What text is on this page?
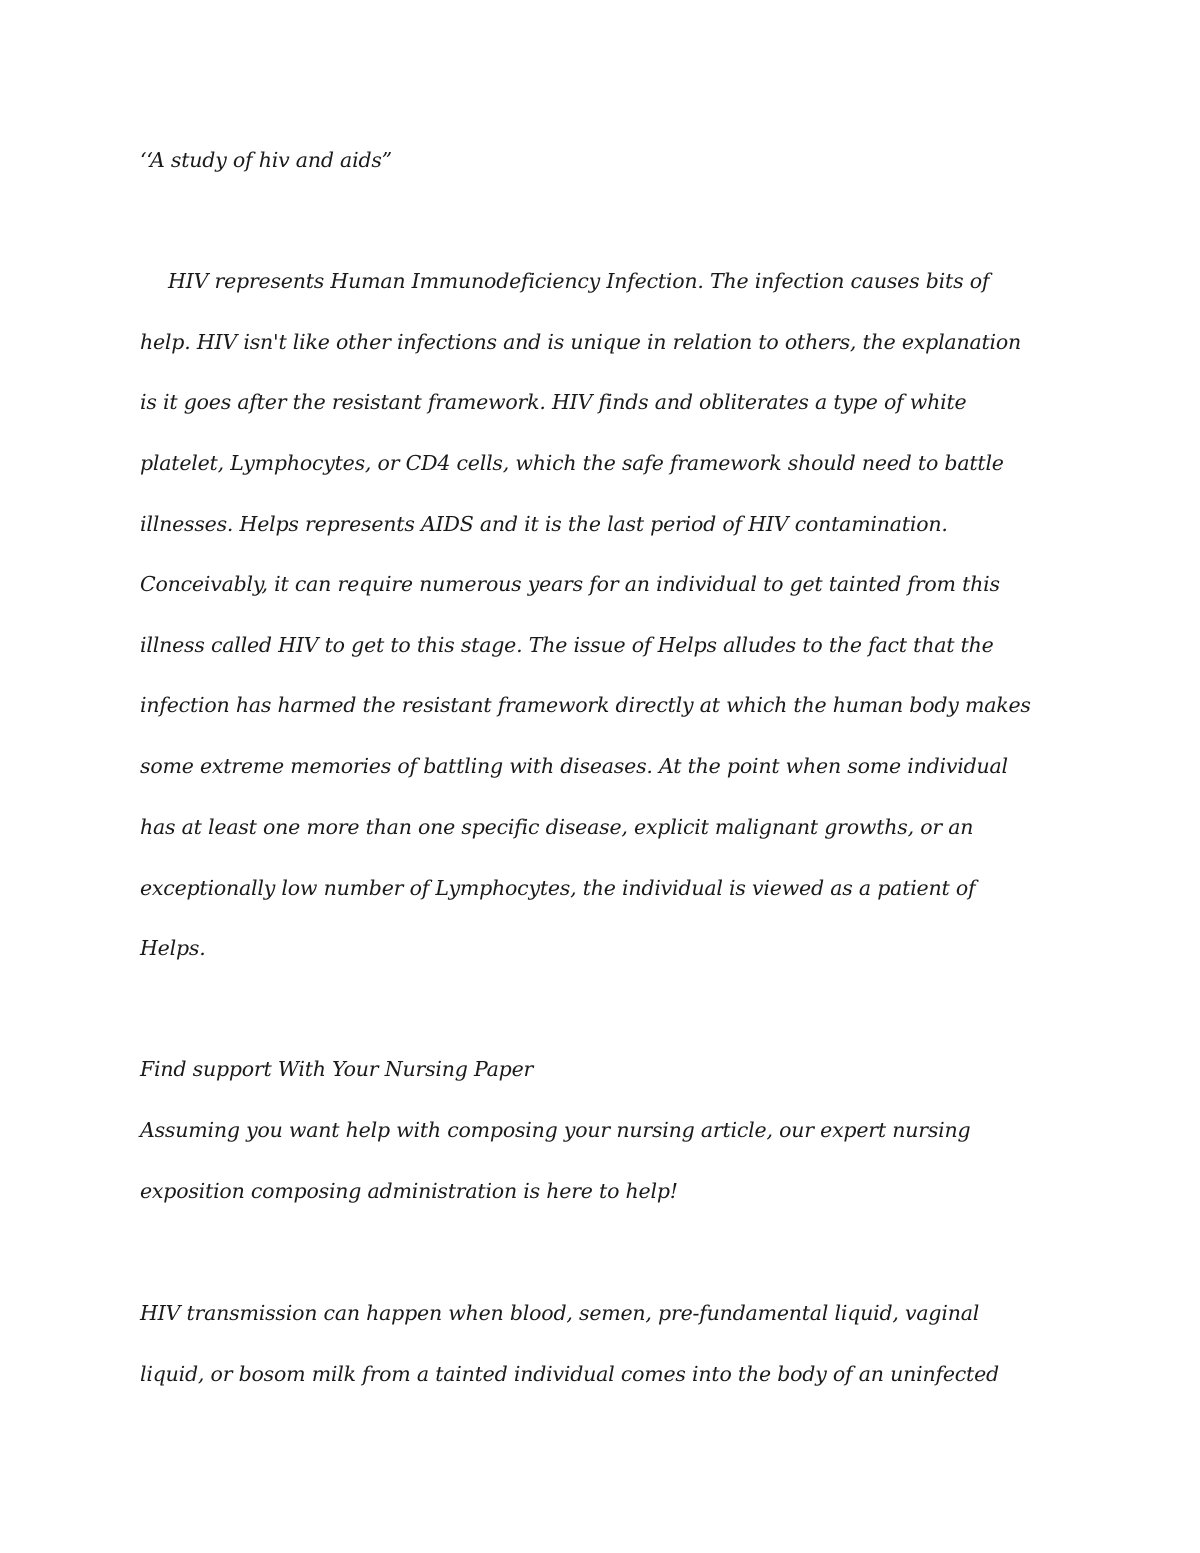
‘‘A study of hiv and aids”
HIV represents Human Immunodeficiency Infection. The infection causes bits of
help. HIV isn't like other infections and is unique in relation to others, the explanation
is it goes after the resistant framework. HIV finds and obliterates a type of white
platelet, Lymphocytes, or CD4 cells, which the safe framework should need to battle
illnesses. Helps represents AIDS and it is the last period of HIV contamination.
Conceivably, it can require numerous years for an individual to get tainted from this
illness called HIV to get to this stage. The issue of Helps alludes to the fact that the
infection has harmed the resistant framework directly at which the human body makes
some extreme memories of battling with diseases. At the point when some individual
has at least one more than one specific disease, explicit malignant growths, or an
exceptionally low number of Lymphocytes, the individual is viewed as a patient of
Helps.
Find support With Your Nursing Paper
Assuming you want help with composing your nursing article, our expert nursing
exposition composing administration is here to help!
HIV transmission can happen when blood, semen, pre-fundamental liquid, vaginal
liquid, or bosom milk from a tainted individual comes into the body of an uninfected
